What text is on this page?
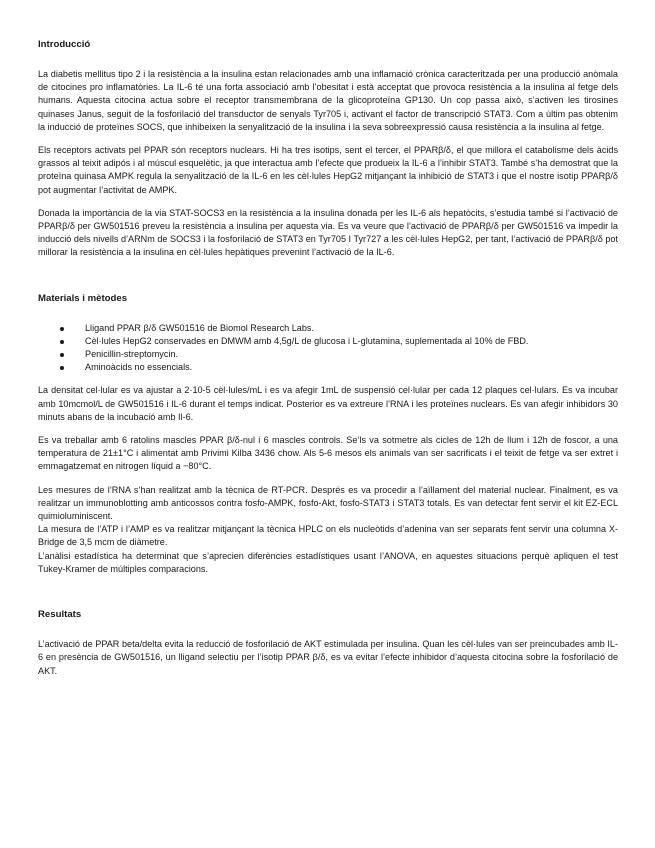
Introducció

La diabetis mellitus tipo 2 i la resistència a la insulina estan relacionades amb una inflamació crònica caracteritzada per una producció anòmala de citocines pro inflamatòries. La IL-6 té una forta associació amb l’obesitat i està acceptat que provoca resistència a la insulina al fetge dels humans. Aquesta citocina actua sobre el receptor transmembrana de la glicoproteïna GP130. Un cop passa això, s’activen les tirosines quinases Janus, seguit de la fosforilació del transductor de senyals Tyr705 i, activant el factor de transcripció STAT3. Com a últim pas obtenim la inducció de proteïnes SOCS, que inhibeixen la senyalització de la insulina i la seva sobreexpressió causa resistència a la insulina al fetge.

Els receptors activats pel PPAR són receptors nuclears. Hi ha tres isotips, sent el tercer, el PPARβ/δ, el que millora el catabolisme dels àcids grassos al teixit adipós i al múscul esquelètic, ja que interactua amb l’efecte que produeix la IL-6 a l’inhibir STAT3. També s’ha demostrat que la proteïna quinasa AMPK regula la senyalització de la IL-6 en les cèl·lules HepG2 mitjançant la inhibició de STAT3 i que el nostre isotip PPARβ/δ pot augmentar l’activitat de AMPK.

Donada la importància de la via STAT-SOCS3 en la resistència a la insulina donada per les IL-6 als hepatòcits, s’estudia també si l’activació de PPARβ/δ per GW501516 preveu la resistència a insulina per aquesta via. Es va veure que l’activació de PPARβ/δ per GW501516 va impedir la inducció dels nivells d’ARNm de SOCS3 i la fosforilació de STAT3 en Tyr705 I Tyr727 a les cèl·lules HepG2, per tant, l’activació de PPARβ/δ pot millorar la resistència a la insulina en cèl·lules hepàtiques prevenint l’activació de la IL-6.

Materials i mètodes
Lligand PPAR β/δ GW501516 de Biomol Research Labs.
Cèl·lules HepG2 conservades en DMWM amb 4,5g/L de glucosa i L-glutamina, suplementada al 10% de FBD.
Penicillin-streptomycin.
Aminoàcids no essencials.

La densitat cel·lular es va ajustar a 2·10-5 cèl·lules/mL i es va afegir 1mL de suspensió cel·lular per cada 12 plaques cel·lulars. Es va incubar amb 10mcmol/L de GW501516 i IL-6 durant el temps indicat. Posterior es va extreure l’RNA i les proteïnes nuclears. Es van afegir inhibidors 30 minuts abans de la incubació amb Il-6.

Es va treballar amb 6 ratolins mascles PPAR β/δ-nul i 6 mascles controls. Se’ls va sotmetre als cicles de 12h de llum i 12h de foscor, a una temperatura de 21±1°C i alimentat amb Privimi Kilba 3436 chow. Als 5-6 mesos els animals van ser sacrificats i el teixit de fetge va ser extret i emmagatzemat en nitrogen líquid a −80°C.

Les mesures de l’RNA s’han realitzat amb la tècnica de RT-PCR. Després es va procedir a l’aïllament del material nuclear. Finalment, es va realitzar un immunoblotting amb anticossos contra fosfo-AMPK, fosfo-Akt, fosfo-STAT3 i STAT3 totals. Es van detectar fent servir el kit EZ-ECL quimioluminiscent.

La mesura de l’ATP i l’AMP es va realitzar mitjançant la tècnica HPLC on els nucleòtids d’adenina van ser separats fent servir una columna X-Bridge de 3,5 mcm de diàmetre.

L’anàlisi estadística ha determinat que s’aprecien diferències estadístiques usant l’ANOVA, en aquestes situacions perquè apliquen el test Tukey-Kramer de múltiples comparacions.

Resultats

L’activació de PPAR beta/delta evita la reducció de fosforilació de AKT estimulada per insulina. Quan les cèl·lules van ser preincubades amb IL-6 en presència de GW501516, un lligand selectiu per l’isotip PPAR β/δ, es va evitar l’efecte inhibidor d’aquesta citocina sobre la fosforilació de AKT.
